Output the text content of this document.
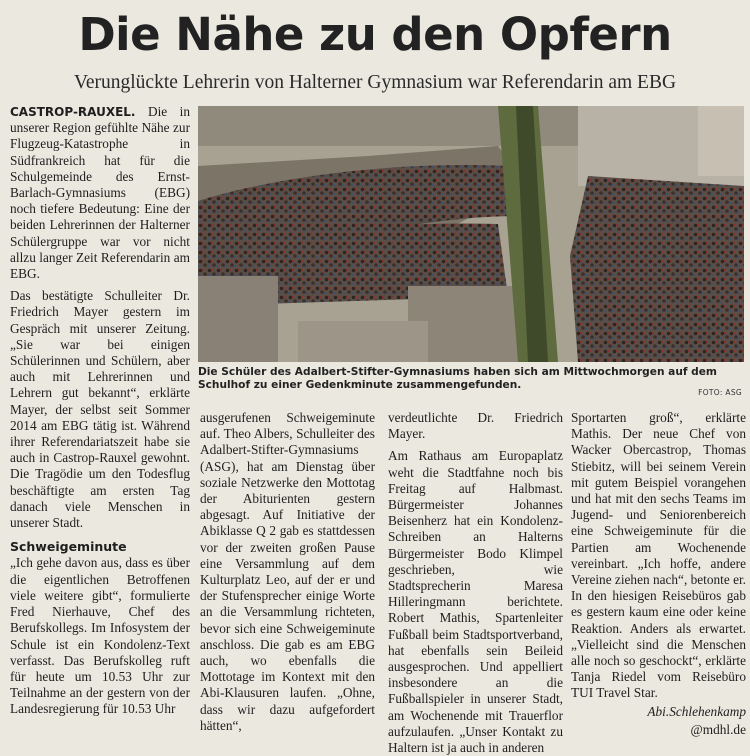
Die Nähe zu den Opfern
Verunglückte Lehrerin von Halterner Gymnasium war Referendarin am EBG

CASTROP-RAUXEL. Die in unserer Region gefühlte Nähe zur Flugzeug-Katastrophe in Südfrankreich hat für die Schulgemeinde des Ernst-Barlach-Gymnasiums (EBG) noch tiefere Bedeutung: Eine der beiden Lehrerinnen der Halterner Schülergruppe war vor nicht allzu langer Zeit Referendarin am EBG.

Das bestätigte Schulleiter Dr. Friedrich Mayer gestern im Gespräch mit unserer Zeitung. „Sie war bei einigen Schülerinnen und Schülern, aber auch mit Lehrerinnen und Lehrern gut bekannt“, erklärte Mayer, der selbst seit Sommer 2014 am EBG tätig ist. Während ihrer Referendariatszeit habe sie auch in Castrop-Rauxel gewohnt. Die Tragödie um den Todesflug beschäftigte am ersten Tag danach viele Menschen in unserer Stadt.

Schweigeminute

„Ich gehe davon aus, dass es über die eigentlichen Betroffenen viele weitere gibt“, formulierte Fred Nierhauve, Chef des Berufskollegs. Im Infosystem der Schule ist ein Kondolenz-Text verfasst. Das Berufskolleg ruft für heute um 10.53 Uhr zur Teilnahme an der gestern von der Landesregierung für 10.53 Uhr

Die Schüler des Adalbert-Stifter-Gymnasiums haben sich am Mittwochmorgen auf dem Schulhof zu einer Gedenkminute zusammengefunden.
FOTO: ASG

ausgerufenen Schweigeminute auf. Theo Albers, Schulleiter des Adalbert-Stifter-Gymnasiums (ASG), hat am Dienstag über soziale Netzwerke den Mottotag der Abiturienten gestern abgesagt. Auf Initiative der Abiklasse Q 2 gab es stattdessen vor der zweiten großen Pause eine Versammlung auf dem Kulturplatz Leo, auf der er und der Stufensprecher einige Worte an die Versammlung richteten, bevor sich eine Schweigeminute anschloss. Die gab es am EBG auch, wo ebenfalls die Mottotage im Kontext mit den Abi-Klausuren laufen. „Ohne, dass wir dazu aufgefordert hätten“,

verdeutlichte Dr. Friedrich Mayer.

Am Rathaus am Europaplatz weht die Stadtfahne noch bis Freitag auf Halbmast. Bürgermeister Johannes Beisenherz hat ein Kondolenz-Schreiben an Halterns Bürgermeister Bodo Klimpel geschrieben, wie Stadtsprecherin Maresa Hilleringmann berichtete. Robert Mathis, Spartenleiter Fußball beim Stadtsportverband, hat ebenfalls sein Beileid ausgesprochen. Und appelliert insbesondere an die Fußballspieler in unserer Stadt, am Wochenende mit Trauerflor aufzulaufen. „Unser Kontakt zu Haltern ist ja auch in anderen

Sportarten groß“, erklärte Mathis. Der neue Chef von Wacker Obercastrop, Thomas Stiebitz, will bei seinem Verein mit gutem Beispiel vorangehen und hat mit den sechs Teams im Jugend- und Seniorenbereich eine Schweigeminute für die Partien am Wochenende vereinbart. „Ich hoffe, andere Vereine ziehen nach“, betonte er. In den hiesigen Reisebüros gab es gestern kaum eine oder keine Reaktion. Anders als erwartet. „Vielleicht sind die Menschen alle noch so geschockt“, erklärte Tanja Riedel vom Reisebüro TUI Travel Star.

Abi.Schlehenkamp
@mdhl.de
